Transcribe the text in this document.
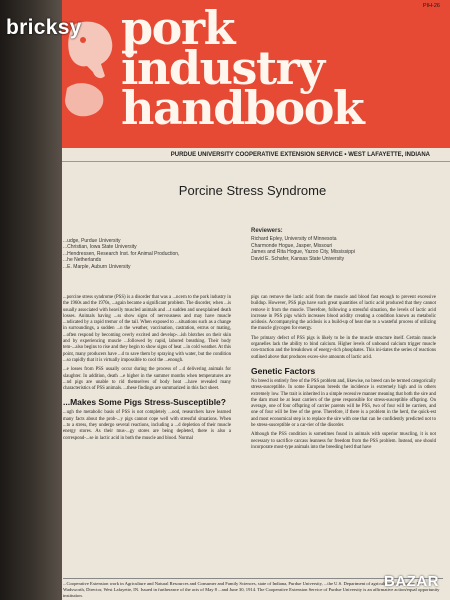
PIH-26
pork
industry
handbook
PURDUE UNIVERSITY COOPERATIVE EXTENSION SERVICE • WEST LAFAYETTE, INDIANA
Porcine Stress Syndrome
...udge, Purdue University
...Christian, Iowa State University
...Hendressen, Research Inst. for Animal Production,
...he Netherlands
...E. Marple, Auburn University
Reviewers:
Richard Epley, University of Minnesota
Charmonde Hogue, Jasper, Missouri
James and Rita Hogue, Yazoo City, Mississippi
David E. Schafer, Kansas State University

...porcine stress syndrome (PSS) is a disorder that was a ...ncern to the pork industry in the 1960s and the 1970s, ...again became a significant problem. The disorder, when ...is usually associated with heavily muscled animals and ...t sudden and unexplained death losses. Animals having ...ss show signs of nervousness and may have muscle ...ndicated by a rapid tremor of the tail. When exposed to ...situations such as a change in surroundings, a sudden ...n the weather, vaccination, castration, estrus or mating, ...often respond by becoming overly excited and develop-...ish blotches on their skin and by experiencing muscle ...followed by rapid, labored breathing. Their body tem-...also begins to rise and they begin to show signs of heat ...in cold weather. At this point, many producers have ...d to save them by spraying with water, but the condition ...so rapidly that it is virtually impossible to cool the ...enough.

...e losses from PSS usually occur during the process of ...d delivering animals for slaughter. In addition, death ...e higher in the summer months when temperatures are ...nd pigs are unable to rid themselves of body heat ...have revealed many characteristics of PSS animals. ...these findings are summarized in this fact sheet.

...Makes Some Pigs Stress-Susceptible?

...ugh the metabolic basis of PSS is not completely ...ood, researchers have learned many facts about the prob-...y pigs cannot cope well with stressful situations. When ...to a stress, they undergo several reactions, including a ...d depletion of their muscle energy stores. As their mus-...gy stores are being depleted, there is also a correspond-...se in lactic acid in both the muscle and blood. Normal

pigs can remove the lactic acid from the muscle and blood fast enough to prevent excessive buildup. However, PSS pigs have such great quantities of lactic acid produced that they cannot remove it from the muscle. Therefore, following a stressful situation, the levels of lactic acid increase in PSS pigs which increases blood acidity creating a condition known as metabolic acidosis. Accompanying the acidosis is a build-up of heat due to a wasteful process of utilizing the muscle glycogen for energy.

The primary defect of PSS pigs is likely to be in the muscle structure itself. Certain muscle organelles lack the ability to bind calcium. Higher levels of unbound calcium trigger muscle con-traction and the breakdown of energy-rich phosphates. This ini-tiates the series of reactions outlined above that produces exces-sive amounts of lactic acid.

Genetic Factors

No breed is entirely free of the PSS problem and, likewise, no breed can be termed categorically stress-susceptible. In some European breeds the incidence is extremely high and in others extremely low. The trait is inherited in a simple recessive manner meaning that both the sire and the dam must be at least carriers of the gene responsible for stress-susceptible offspring. On average, one of four offspring of carrier parents will be PSS, two of four will be carriers, and one of four will be free of the gene. Therefore, if there is a problem in the herd, the quick-est and most economical step is to replace the sire with one that can be confidently predicted not to be stress-susceptible or a car-rier of the disorder.

Although the PSS condition is sometimes found in animals with superior muscling, it is not necessary to sacrifice carcass leanness for freedom from the PSS problem. Instead, one should incorporate most-type animals into the breeding herd that have

...Cooperative Extension work in Agriculture and Natural Resources and Consumer and Family Sciences, state of Indiana, Purdue University, ...the U.S. Department of agriculture cooperating; H. A. Wadsworth, Director, West Lafayette, IN. Issued in furtherance of the acts of May 8 ...and June 30, 1914. The Cooperative Extension Service of Purdue University is an affirmative action/equal opportunity institution.
bricksy
BAZAR
